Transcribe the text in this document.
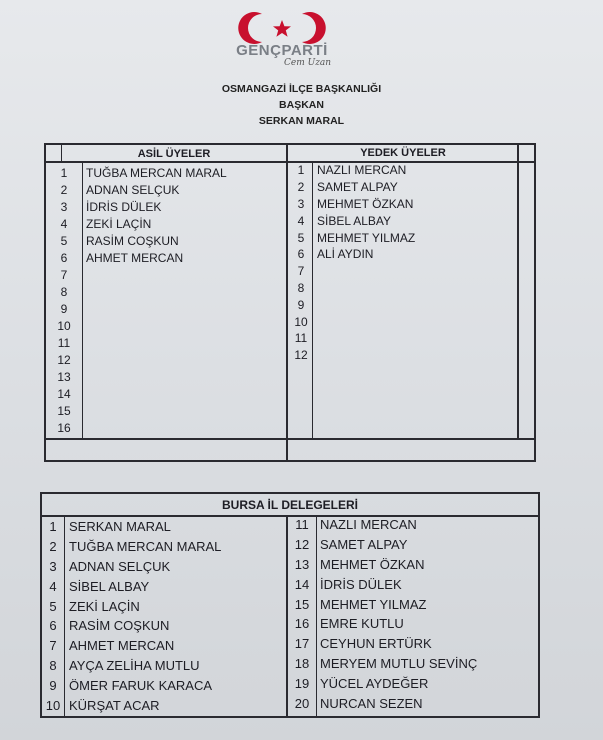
GENÇPARTİ
Cem Uzan
OSMANGAZİ İLÇE BAŞKANLIĞI
BAŞKAN
SERKAN MARAL
ASİL ÜYELER	YEDEK ÜYELER
1	TUĞBA MERCAN MARAL
2	ADNAN SELÇUK
3	İDRİS DÜLEK
4	ZEKİ LAÇİN
5	RASİM COŞKUN
6	AHMET MERCAN
7
8
9
10
11
12
13
14
15
16
1	NAZLI MERCAN
2	SAMET ALPAY
3	MEHMET ÖZKAN
4	SİBEL ALBAY
5	MEHMET YILMAZ
6	ALİ AYDIN
7
8
9
10
11
12
BURSA İL DELEGELERİ
1 SERKAN MARAL
2 TUĞBA MERCAN MARAL
3 ADNAN SELÇUK
4 SİBEL ALBAY
5 ZEKİ LAÇİN
6 RASİM COŞKUN
7 AHMET MERCAN
8 AYÇA ZELİHA MUTLU
9 ÖMER FARUK KARACA
10 KÜRŞAT ACAR
11 NAZLI MERCAN
12 SAMET ALPAY
13 MEHMET ÖZKAN
14 İDRİS DÜLEK
15 MEHMET YILMAZ
16 EMRE KUTLU
17 CEYHUN ERTÜRK
18 MERYEM MUTLU SEVİNÇ
19 YÜCEL AYDEĞER
20 NURCAN SEZEN
